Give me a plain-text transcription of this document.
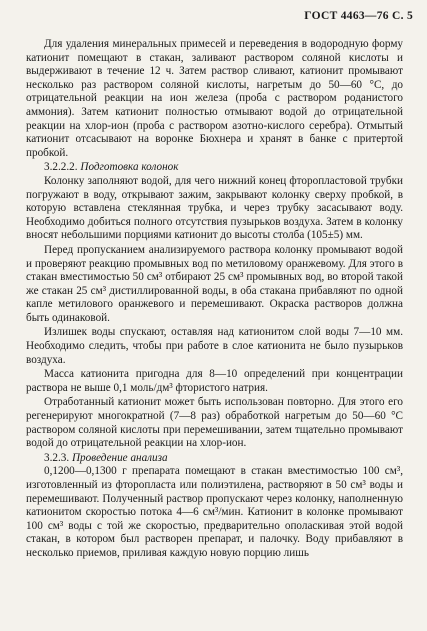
ГОСТ 4463—76 С. 5

Для удаления минеральных примесей и переведения в водородную форму катионит помещают в стакан, заливают раствором соляной кислоты и выдерживают в течение 12 ч. Затем раствор сливают, катионит промывают несколько раз раствором соляной кислоты, нагретым до 50—60 °С, до отрицательной реакции на ион железа (проба с раствором роданистого аммония). Затем катионит полностью отмывают водой до отрицательной реакции на хлор-ион (проба с раствором азотно-кислого серебра). Отмытый катионит отсасывают на воронке Бюхнера и хранят в банке с притертой пробкой.

3.2.2.2. Подготовка колонок

Колонку заполняют водой, для чего нижний конец фторопластовой трубки погружают в воду, открывают зажим, закрывают колонку сверху пробкой, в которую вставлена стеклянная трубка, и через трубку засасывают воду. Необходимо добиться полного отсутствия пузырьков воздуха. Затем в колонку вносят небольшими порциями катионит до высоты столба (105±5) мм.

Перед пропусканием анализируемого раствора колонку промывают водой и проверяют реакцию промывных вод по метиловому оранжевому. Для этого в стакан вместимостью 50 см³ отбирают 25 см³ промывных вод, во второй такой же стакан 25 см³ дистиллированной воды, в оба стакана прибавляют по одной капле метилового оранжевого и перемешивают. Окраска растворов должна быть одинаковой.

Излишек воды спускают, оставляя над катионитом слой воды 7—10 мм. Необходимо следить, чтобы при работе в слое катионита не было пузырьков воздуха.

Масса катионита пригодна для 8—10 определений при концентрации раствора не выше 0,1 моль/дм³ фтористого натрия.

Отработанный катионит может быть использован повторно. Для этого его регенерируют многократной (7—8 раз) обработкой нагретым до 50—60 °С раствором соляной кислоты при перемешивании, затем тщательно промывают водой до отрицательной реакции на хлор-ион.

3.2.3. Проведение анализа

0,1200—0,1300 г препарата помещают в стакан вместимостью 100 см³, изготовленный из фторопласта или полиэтилена, растворяют в 50 см³ воды и перемешивают. Полученный раствор пропускают через колонку, наполненную катионитом скоростью потока 4—6 см³/мин. Катионит в колонке промывают 100 см³ воды с той же скоростью, предварительно ополаскивая этой водой стакан, в котором был растворен препарат, и палочку. Воду прибавляют в несколько приемов, приливая каждую новую порцию лишь
